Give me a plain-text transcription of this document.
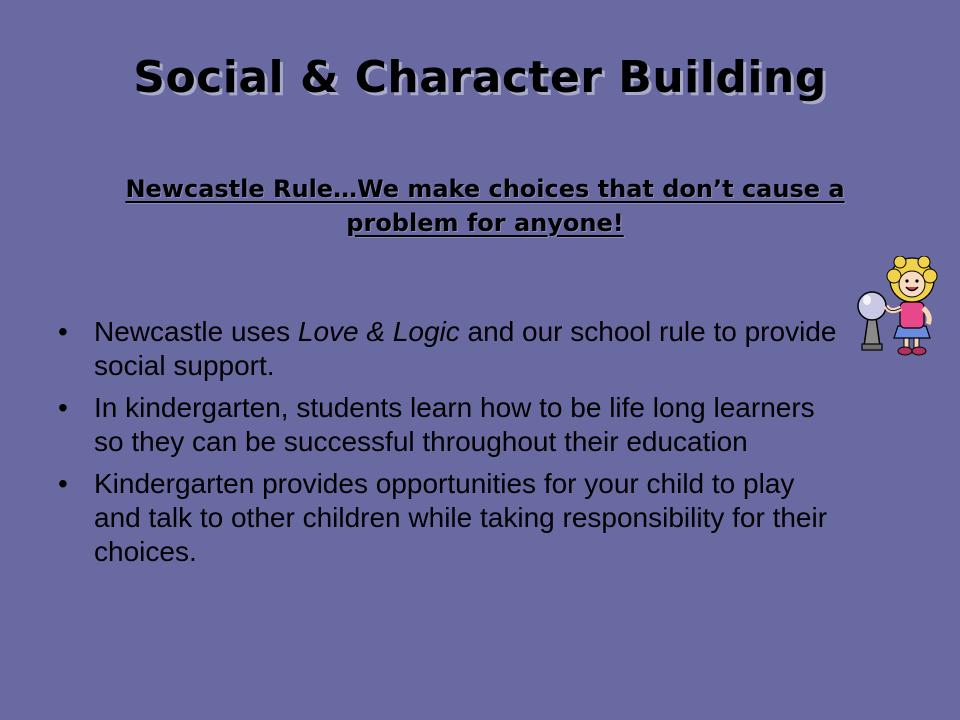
Social & Character Building
Newcastle Rule…We make choices that don’t cause a problem for anyone!
• Newcastle uses Love & Logic and our school rule to provide social support.
• In kindergarten, students learn how to be life long learners so they can be successful throughout their education
• Kindergarten provides opportunities for your child to play and talk to other children while taking responsibility for their choices.
